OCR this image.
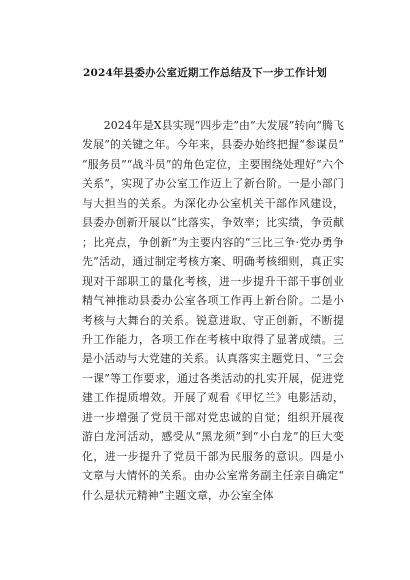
2024年县委办公室近期工作总结及下一步工作计划

2024年是X县实现“四步走”由“大发展”转向“腾飞发展”的关键之年。今年来，县委办始终把握“参谋员”“服务员”“战斗员”的角色定位，主要围绕处理好“六个关系”，实现了办公室工作迈上了新台阶。一是小部门与大担当的关系。为深化办公室机关干部作风建设，县委办创新开展以“比落实，争效率；比实绩，争贡献；比亮点，争创新”为主要内容的“三比三争·党办勇争先”活动，通过制定考核方案、明确考核细则，真正实现对干部职工的量化考核，进一步提升干部干事创业精气神推动县委办公室各项工作再上新台阶。二是小考核与大舞台的关系。锐意进取、守正创新，不断提升工作能力，各项工作在考核中取得了显著成绩。三是小活动与大党建的关系。认真落实主题党日、“三会一课”等工作要求，通过各类活动的扎实开展，促进党建工作提质增效。开展了观看《甲忆兰》电影活动，进一步增强了党员干部对党忠诚的自觉；组织开展夜游白龙河活动，感受从“黑龙须”到“小白龙”的巨大变化，进一步提升了党员干部为民服务的意识。四是小文章与大情怀的关系。由办公室常务副主任亲自确定“什么是状元精神”主题文章，办公室全体
